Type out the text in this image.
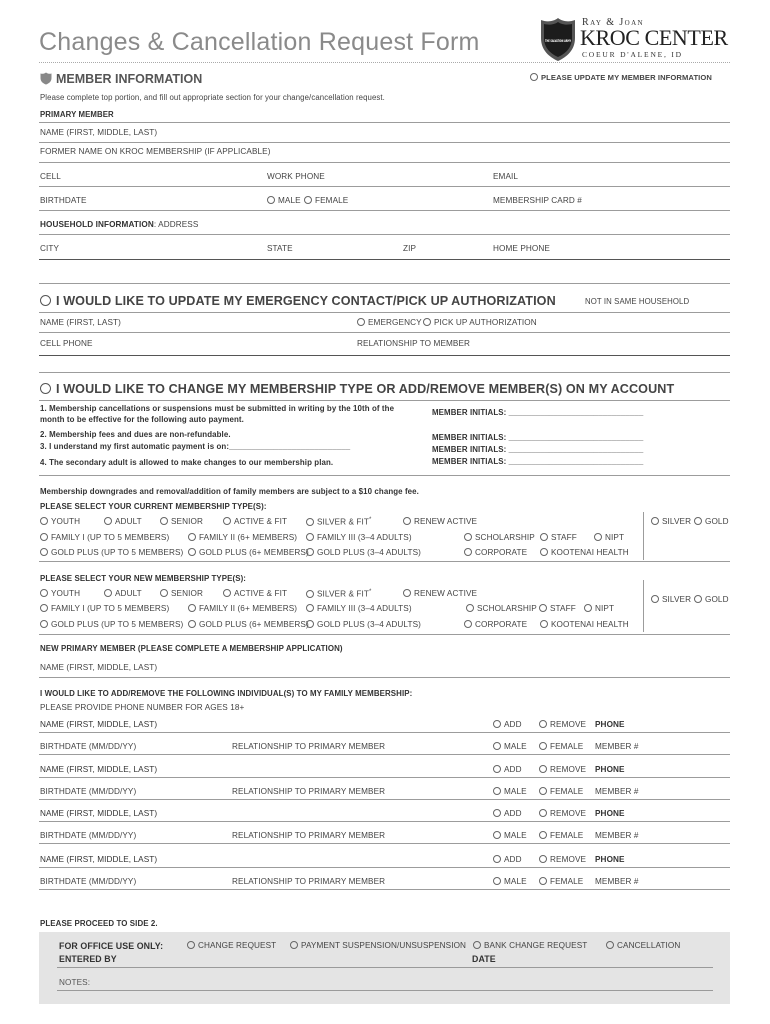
Changes & Cancellation Request Form	THE SALVATION ARMY
Ray & Joan
KROC CENTER
COEUR D'ALENE, ID
MEMBER INFORMATION	PLEASE UPDATE MY MEMBER INFORMATION
Please complete top portion, and fill out appropriate section for your change/cancellation request.
PRIMARY MEMBER
NAME (FIRST, MIDDLE, LAST)
FORMER NAME ON KROC MEMBERSHIP (IF APPLICABLE)
CELL	WORK PHONE	EMAIL
BIRTHDATE	MALE	FEMALE	MEMBERSHIP CARD #
HOUSEHOLD INFORMATION: ADDRESS
CITY	STATE	ZIP	HOME PHONE
I WOULD LIKE TO UPDATE MY EMERGENCY CONTACT/PICK UP AUTHORIZATION	NOT IN SAME HOUSEHOLD
NAME (FIRST, LAST)	EMERGENCY	PICK UP AUTHORIZATION
CELL PHONE	RELATIONSHIP TO MEMBER
I WOULD LIKE TO CHANGE MY MEMBERSHIP TYPE OR ADD/REMOVE MEMBER(S) ON MY ACCOUNT
1. Membership cancellations or suspensions must be submitted in writing by the 10th of the
month to be effective for the following auto payment.
2. Membership fees and dues are non-refundable.
3. I understand my first automatic payment is on:___________________________
4. The secondary adult is allowed to make changes to our membership plan.
MEMBER INITIALS: ______________________________
MEMBER INITIALS: ______________________________
MEMBER INITIALS: ______________________________
MEMBER INITIALS: ______________________________
Membership downgrades and removal/addition of family members are subject to a $10 change fee.
PLEASE SELECT YOUR CURRENT MEMBERSHIP TYPE(S):
YOUTH	ADULT	SENIOR	ACTIVE & FIT	SILVER & FIT*	RENEW ACTIVE
FAMILY I (UP TO 5 MEMBERS)	FAMILY II (6+ MEMBERS)	FAMILY III (3–4 ADULTS)	SCHOLARSHIP	STAFF	NIPT
GOLD PLUS (UP TO 5 MEMBERS)	GOLD PLUS (6+ MEMBERS) GOLD PLUS (3–4 ADULTS)	CORPORATE	KOOTENAI HEALTH
SILVER	GOLD
PLEASE SELECT YOUR NEW MEMBERSHIP TYPE(S):
YOUTH	ADULT	SENIOR	ACTIVE & FIT	SILVER & FIT*	RENEW ACTIVE
FAMILY I (UP TO 5 MEMBERS)	FAMILY II (6+ MEMBERS)	FAMILY III (3–4 ADULTS)	SCHOLARSHIP	STAFF	NIPT
GOLD PLUS (UP TO 5 MEMBERS)	GOLD PLUS (6+ MEMBERS) GOLD PLUS (3–4 ADULTS)	CORPORATE	KOOTENAI HEALTH
SILVER	GOLD
NEW PRIMARY MEMBER (PLEASE COMPLETE A MEMBERSHIP APPLICATION)
NAME (FIRST, MIDDLE, LAST)
I WOULD LIKE TO ADD/REMOVE THE FOLLOWING INDIVIDUAL(S) TO MY FAMILY MEMBERSHIP:
PLEASE PROVIDE PHONE NUMBER FOR AGES 18+
NAME (FIRST, MIDDLE, LAST)	ADD	REMOVE PHONE
BIRTHDATE (MM/DD/YY)	RELATIONSHIP TO PRIMARY MEMBER	MALE	FEMALE MEMBER #
NAME (FIRST, MIDDLE, LAST)	ADD	REMOVE PHONE
BIRTHDATE (MM/DD/YY)	RELATIONSHIP TO PRIMARY MEMBER	MALE	FEMALE MEMBER #
NAME (FIRST, MIDDLE, LAST)	ADD	REMOVE PHONE
BIRTHDATE (MM/DD/YY)	RELATIONSHIP TO PRIMARY MEMBER	MALE	FEMALE MEMBER #
NAME (FIRST, MIDDLE, LAST)	ADD	REMOVE PHONE
BIRTHDATE (MM/DD/YY)	RELATIONSHIP TO PRIMARY MEMBER	MALE	FEMALE MEMBER #
PLEASE PROCEED TO SIDE 2.
FOR OFFICE USE ONLY:
ENTERED BY
CHANGE REQUEST	PAYMENT SUSPENSION/UNSUSPENSION	BANK CHANGE REQUEST	CANCELLATION
DATE
NOTES:
